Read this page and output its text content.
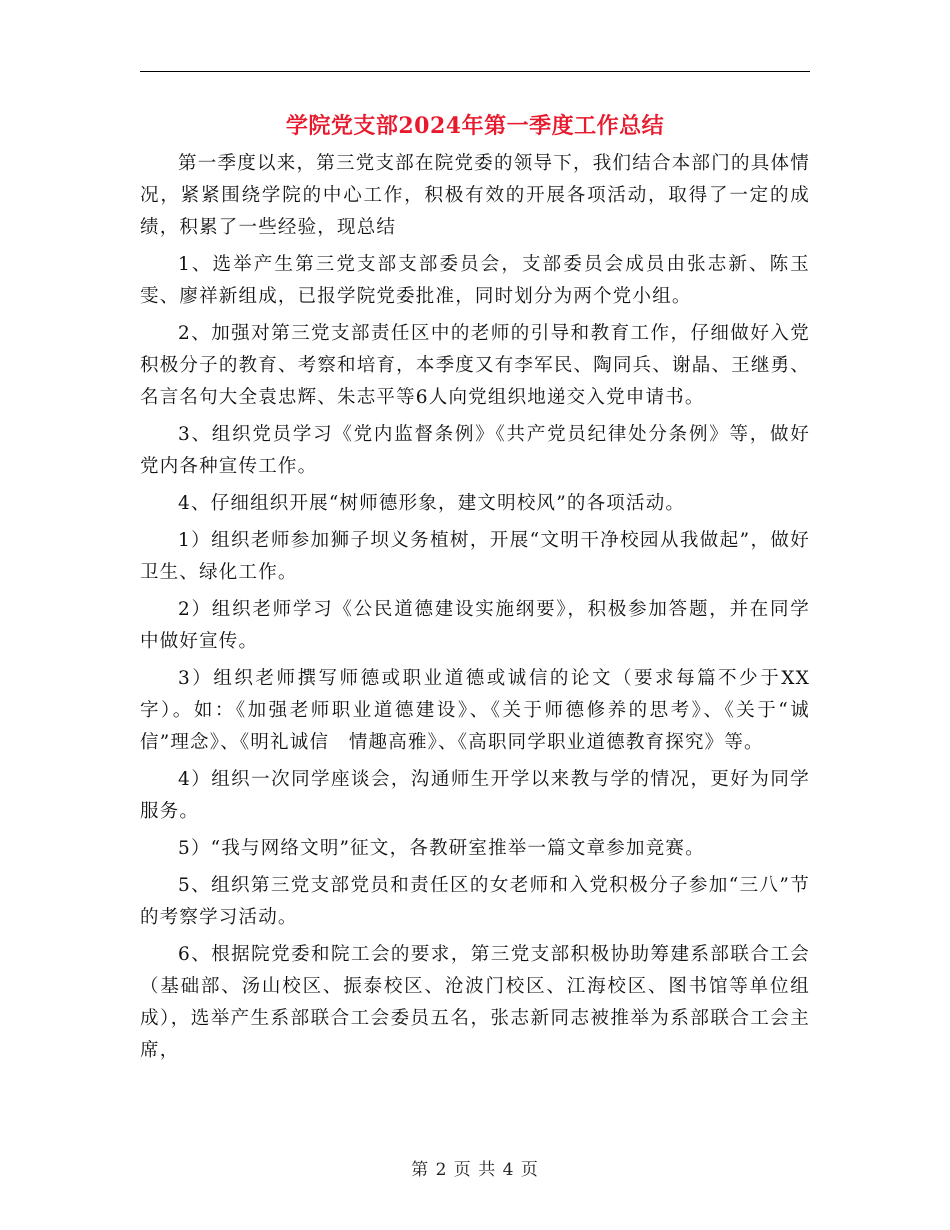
学院党支部2024年第一季度工作总结

第一季度以来，第三党支部在院党委的领导下，我们结合本部门的具体情况，紧紧围绕学院的中心工作，积极有效的开展各项活动，取得了一定的成绩，积累了一些经验，现总结

1、选举产生第三党支部支部委员会，支部委员会成员由张志新、陈玉雯、廖祥新组成，已报学院党委批准，同时划分为两个党小组。

2、加强对第三党支部责任区中的老师的引导和教育工作，仔细做好入党积极分子的教育、考察和培育，本季度又有李军民、陶同兵、谢晶、王继勇、名言名句大全袁忠辉、朱志平等6人向党组织地递交入党申请书。

3、组织党员学习《党内监督条例》《共产党员纪律处分条例》等，做好党内各种宣传工作。

4、仔细组织开展“树师德形象，建文明校风”的各项活动。

1）组织老师参加狮子坝义务植树，开展“文明干净校园从我做起”，做好卫生、绿化工作。

2）组织老师学习《公民道德建设实施纲要》，积极参加答题，并在同学中做好宣传。

3）组织老师撰写师德或职业道德或诚信的论文（要求每篇不少于XX字）。如：《加强老师职业道德建设》、《关于师德修养的思考》、《关于“诚信”理念》、《明礼诚信　情趣高雅》、《高职同学职业道德教育探究》等。

4）组织一次同学座谈会，沟通师生开学以来教与学的情况，更好为同学服务。

5）“我与网络文明”征文，各教研室推举一篇文章参加竞赛。

5、组织第三党支部党员和责任区的女老师和入党积极分子参加“三八”节的考察学习活动。

6、根据院党委和院工会的要求，第三党支部积极协助筹建系部联合工会（基础部、汤山校区、振泰校区、沧波门校区、江海校区、图书馆等单位组成），选举产生系部联合工会委员五名，张志新同志被推举为系部联合工会主席，

第 2 页 共 4 页
